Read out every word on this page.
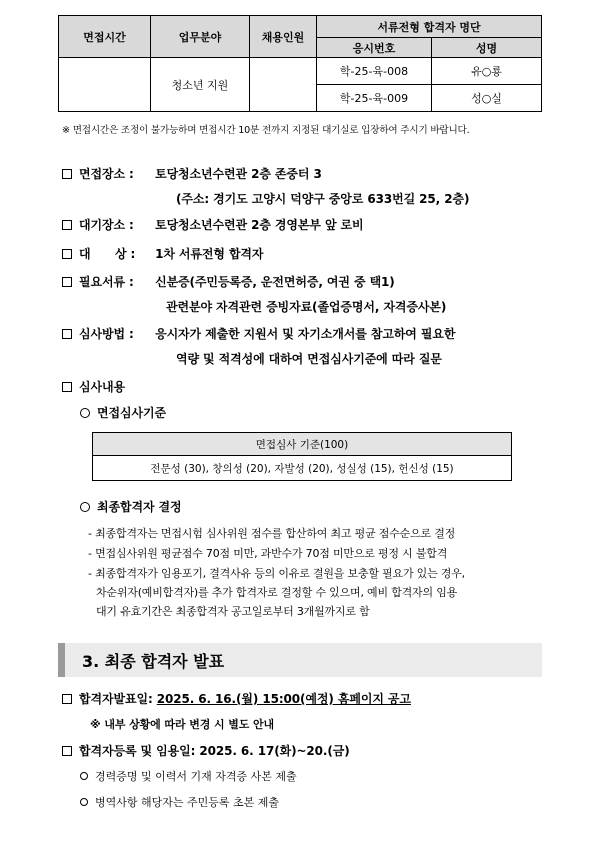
면접시간	업무분야	채용인원	서류전형 합격자 명단	
			응시번호	성명
	청소년 지원		학-25-육-008	유○룡
			학-25-육-009	성○실
※ 면접시간은 조정이 불가능하며 면접시간 10분 전까지 지정된 대기실로 입장하여 주시기 바랍니다.
면접장소 : 토당청소년수련관 2층 존중터 3
(주소: 경기도 고양시 덕양구 중앙로 633번길 25, 2층)
대기장소 : 토당청소년수련관 2층 경영본부 앞 로비
대      상 : 1차 서류전형 합격자
필요서류 : 신분증(주민등록증, 운전면허증, 여권 중 택1)
관련분야 자격관련 증빙자료(졸업증명서, 자격증사본)
심사방법 : 응시자가 제출한 지원서 및 자기소개서를 참고하여 필요한
역량 및 적격성에 대하여 면접심사기준에 따라 질문
심사내용
면접심사기준
면접심사 기준(100)
전문성 (30), 창의성 (20), 자발성 (20), 성실성 (15), 헌신성 (15)
최종합격자 결정
- 최종합격자는 면접시험 심사위원 점수를 합산하여 최고 평균 점수순으로 결정
- 면접심사위원 평균점수 70점 미만, 과반수가 70점 미만으로 평정 시 불합격
- 최종합격자가 임용포기, 결격사유 등의 이유로 결원을 보충할 필요가 있는 경우,
차순위자(예비합격자)를 추가 합격자로 결정할 수 있으며, 예비 합격자의 임용
대기 유효기간은 최종합격자 공고일로부터 3개월까지로 함
3. 최종 합격자 발표
합격자발표일: 2025. 6. 16.(월) 15:00(예정) 홈페이지 공고
※ 내부 상황에 따라 변경 시 별도 안내
합격자등록 및 임용일: 2025. 6. 17(화)~20.(금)
경력증명 및 이력서 기재 자격증 사본 제출
병역사항 해당자는 주민등록 초본 제출
